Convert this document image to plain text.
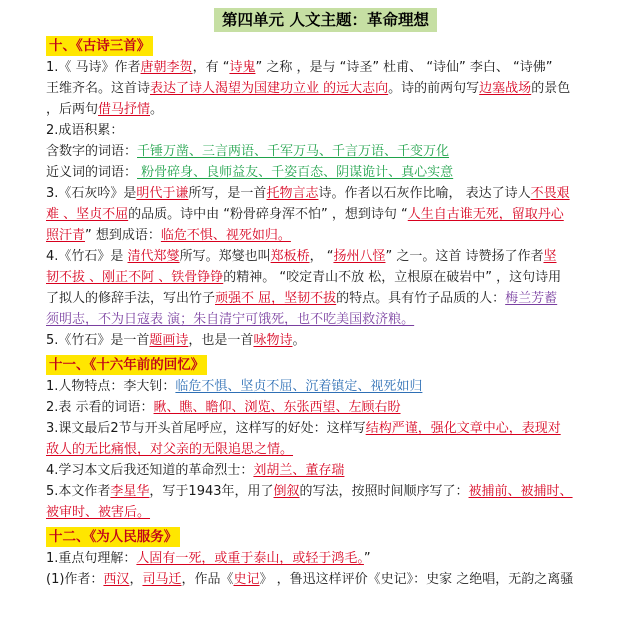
第四单元 人文主题：革命理想
十、《古诗三首》
1.《 马诗》作者唐朝李贺，有 “诗鬼” 之称 ，是与 “诗圣” 杜甫、 “诗仙” 李白、 “诗佛”
王维齐名。这首诗表达了诗人渴望为国建功立业 的远大志向。诗的前两句写边塞战场的景色
，后两句借马抒情。
2.成语积累：
含数字的词语：千锤万凿、三言两语、千军万马、千言万语、千变万化
近义词的词语： 粉骨碎身、良师益友、千姿百态、阴谋诡计、真心实意
3.《石灰吟》是明代于谦所写，是一首托物言志诗。作者以石灰作比喻， 表达了诗人不畏艰
难 、坚贞不屈的品质。诗中由 “粉骨碎身浑不怕” ，想到诗句 “人生自古谁无死，留取丹心
照汗青” 想到成语：临危不惧、视死如归。
4.《竹石》是 清代郑燮所写。郑燮也叫郑板桥， “扬州八怪” 之一。这首 诗赞扬了作者坚
韧不拔 、刚正不阿 、铁骨铮铮的精神。 “咬定青山不放 松，立根原在破岩中” ，这句诗用
了拟人的修辞手法，写出竹子顽强不 屈，坚韧不拔的特点。具有竹子品质的人：梅兰芳蓄
须明志，不为日寇表 演；朱自清宁可饿死，也不吃美国救济粮。
5.《竹石》是一首题画诗，也是一首咏物诗。
十一、《十六年前的回忆》
1.人物特点：李大钊：临危不惧、坚贞不屈、沉着镇定、视死如归
2.表 示看的词语：瞅、瞧、瞻仰、浏览、东张西望、左顾右盼
3.课文最后2节与开头首尾呼应，这样写的好处：这样写结构严谨，强化文章中心，表现对
敌人的无比痛恨，对父亲的无限追思之情。
4.学习本文后我还知道的革命烈士：刘胡兰、董存瑞
5.本文作者李星华，写于1943年，用了倒叙的写法，按照时间顺序写了：被捕前、被捕时、
被审时、被害后。
十二、《为人民服务》
1.重点句理解：人固有一死，或重于泰山，或轻于鸿毛。”
(1)作者：西汉，司马迁，作品《史记》 ，鲁迅这样评价《史记》：史家 之绝唱，无韵之离骚
